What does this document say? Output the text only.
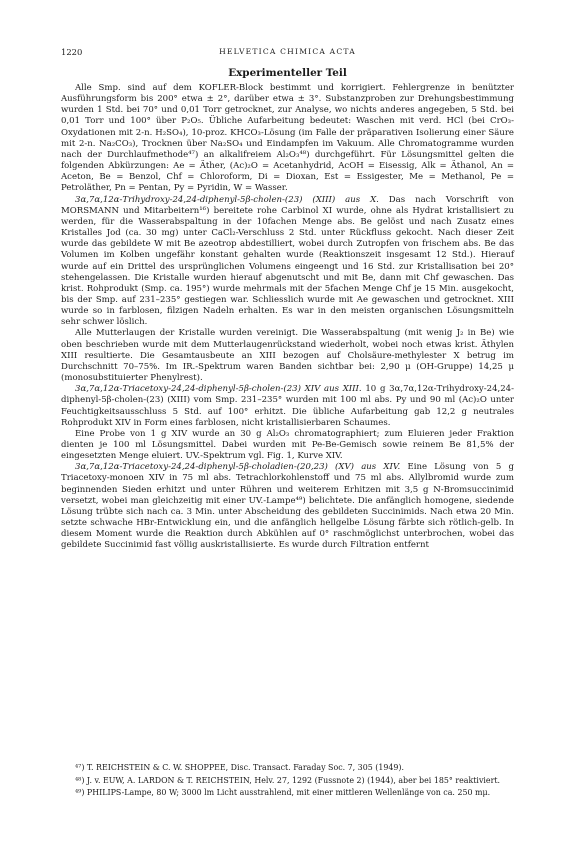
1220	HELVETICA CHIMICA ACTA
Experimenteller Teil

Alle Smp. sind auf dem KOFLER-Block bestimmt und korrigiert. Fehlergrenze in benützter Ausführungsform bis 200° etwa ± 2°, darüber etwa ± 3°. Substanzproben zur Drehungsbestimmung wurden 1 Std. bei 70° und 0,01 Torr getrocknet, zur Analyse, wo nichts anderes angegeben, 5 Std. bei 0,01 Torr und 100° über P₂O₅. Übliche Aufarbeitung bedeutet: Waschen mit verd. HCl (bei CrO₃-Oxydationen mit 2-n. H₂SO₄), 10-proz. KHCO₃-Lösung (im Falle der präparativen Isolierung einer Säure mit 2-n. Na₂CO₃), Trocknen über Na₂SO₄ und Eindampfen im Vakuum. Alle Chromatogramme wurden nach der Durchlaufmethode⁴⁷) an alkalifreiem Al₂O₃⁴⁸) durchgeführt. Für Lösungsmittel gelten die folgenden Abkürzungen: Ae = Äther, (Ac)₂O = Acetanhydrid, AcOH = Eisessig, Alk = Äthanol, An = Aceton, Be = Benzol, Chf = Chloroform, Di = Dioxan, Est = Essigester, Me = Methanol, Pe = Petroläther, Pn = Pentan, Py = Pyridin, W = Wasser.

3α,7α,12α-Trihydroxy-24,24-diphenyl-5β-cholen-(23) (XIII) aus X. Das nach Vorschrift von MORSMANN und Mitarbeitern¹⁶) bereitete rohe Carbinol XI wurde, ohne als Hydrat kristallisiert zu werden, für die Wasserabspaltung in der 10fachen Menge abs. Be gelöst und nach Zusatz eines Kristalles Jod (ca. 30 mg) unter CaCl₂-Verschluss 2 Std. unter Rückfluss gekocht. Nach dieser Zeit wurde das gebildete W mit Be azeotrop abdestilliert, wobei durch Zutropfen von frischem abs. Be das Volumen im Kolben ungefähr konstant gehalten wurde (Reaktionszeit insgesamt 12 Std.). Hierauf wurde auf ein Drittel des ursprünglichen Volumens eingeengt und 16 Std. zur Kristallisation bei 20° stehengelassen. Die Kristalle wurden hierauf abgenutscht und mit Be, dann mit Chf gewaschen. Das krist. Rohprodukt (Smp. ca. 195°) wurde mehrmals mit der 5fachen Menge Chf je 15 Min. ausgekocht, bis der Smp. auf 231–235° gestiegen war. Schliesslich wurde mit Ae gewaschen und getrocknet. XIII wurde so in farblosen, filzigen Nadeln erhalten. Es war in den meisten organischen Lösungsmitteln sehr schwer löslich.

Alle Mutterlaugen der Kristalle wurden vereinigt. Die Wasserabspaltung (mit wenig J₂ in Be) wie oben beschrieben wurde mit dem Mutterlaugenrückstand wiederholt, wobei noch etwas krist. Äthylen XIII resultierte. Die Gesamtausbeute an XIII bezogen auf Cholsäure-methylester X betrug im Durchschnitt 70–75%. Im IR.-Spektrum waren Banden sichtbar bei: 2,90 μ (OH-Gruppe) 14,25 μ (monosubstituierter Phenylrest).

3α,7α,12α-Triacetoxy-24,24-diphenyl-5β-cholen-(23) XIV aus XIII. 10 g 3α,7α,12α-Trihydroxy-24,24-diphenyl-5β-cholen-(23) (XIII) vom Smp. 231–235° wurden mit 100 ml abs. Py und 90 ml (Ac)₂O unter Feuchtigkeitsausschluss 5 Std. auf 100° erhitzt. Die übliche Aufarbeitung gab 12,2 g neutrales Rohprodukt XIV in Form eines farblosen, nicht kristallisierbaren Schaumes.

Eine Probe von 1 g XIV wurde an 30 g Al₂O₃ chromatographiert; zum Eluieren jeder Fraktion dienten je 100 ml Lösungsmittel. Dabei wurden mit Pe-Be-Gemisch sowie reinem Be 81,5% der eingesetzten Menge eluiert. UV.-Spektrum vgl. Fig. 1, Kurve XIV.

3α,7α,12α-Triacetoxy-24,24-diphenyl-5β-choladien-(20,23) (XV) aus XIV. Eine Lösung von 5 g Triacetoxy-monoen XIV in 75 ml abs. Tetrachlorkohlenstoff und 75 ml abs. Allylbromid wurde zum beginnenden Sieden erhitzt und unter Rühren und weiterem Erhitzen mit 3,5 g N-Bromsuccinimid versetzt, wobei man gleichzeitig mit einer UV.-Lampe⁴⁹) belichtete. Die anfänglich homogene, siedende Lösung trübte sich nach ca. 3 Min. unter Abscheidung des gebildeten Succinimids. Nach etwa 20 Min. setzte schwache HBr-Entwicklung ein, und die anfänglich hellgelbe Lösung färbte sich rötlich-gelb. In diesem Moment wurde die Reaktion durch Abkühlen auf 0° raschmöglichst unterbrochen, wobei das gebildete Succinimid fast völlig auskristallisierte. Es wurde durch Filtration entfernt

⁴⁷) T. REICHSTEIN & C. W. SHOPPEE, Disc. Transact. Faraday Soc. 7, 305 (1949).

⁴⁸) J. v. EUW, A. LARDON & T. REICHSTEIN, Helv. 27, 1292 (Fussnote 2) (1944), aber bei 185° reaktiviert.

⁴⁹) PHILIPS-Lampe, 80 W; 3000 lm Licht ausstrahlend, mit einer mittleren Wellenlänge von ca. 250 mμ.
